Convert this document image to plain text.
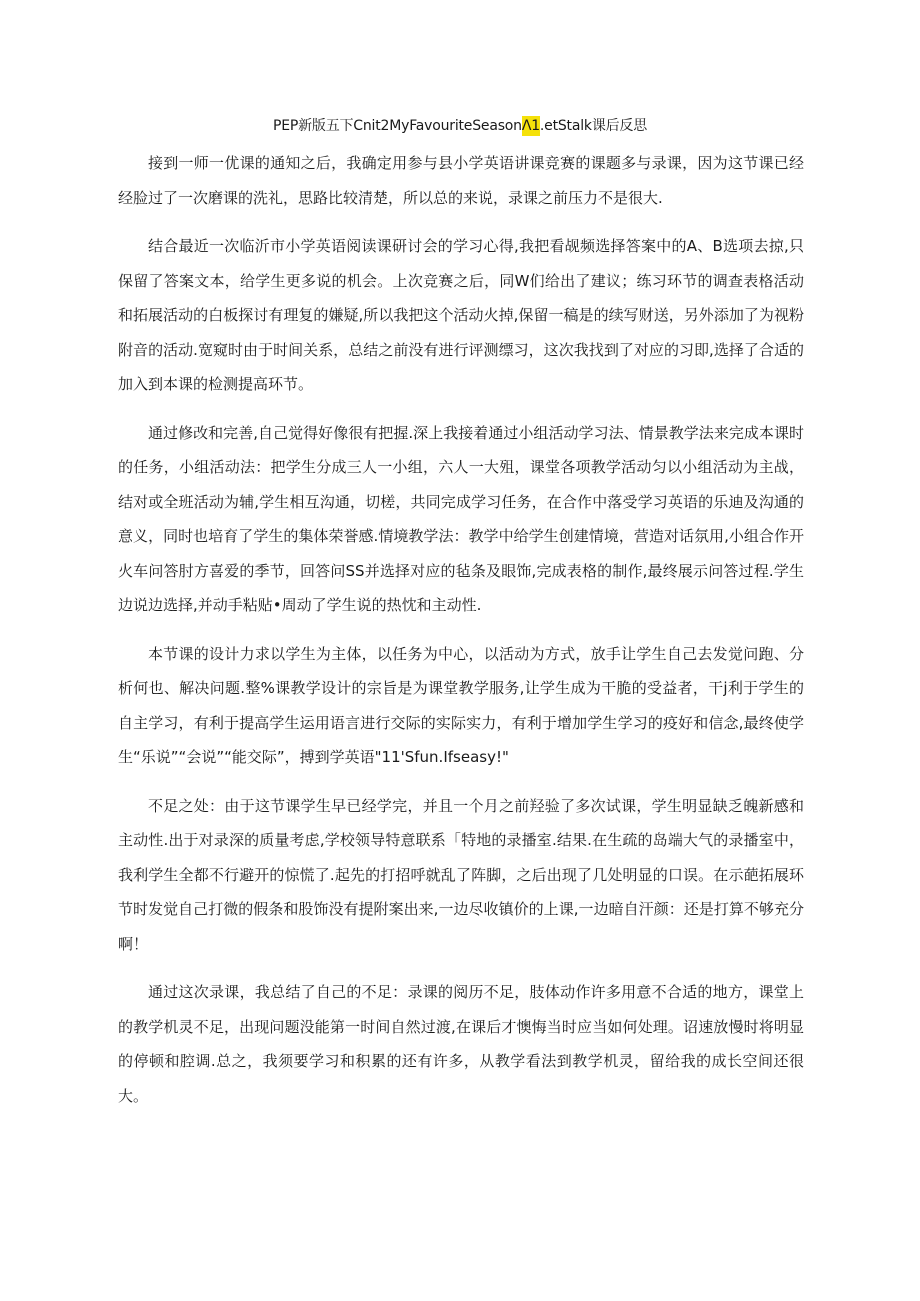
PEP新版五下Cnit2MyFavouriteSeasonΛ1.etStalk课后反思

接到一师一优课的通知之后，我确定用参与县小学英语讲课竞赛的课题多与录课，因为这节课已经经脸过了一次磨课的洗礼，思路比较清楚，所以总的来说，录课之前压力不是很大.

结合最近一次临沂市小学英语阅读课研讨会的学习心得,我把看觇频选择答案中的A、B选项去掠,只保留了答案文本，给学生更多说的机会。上次竞赛之后，同W们给出了建议；练习环节的调查表格活动和拓展活动的白板探讨有理复的嫌疑,所以我把这个活动火掉,保留一稿是的续写财送，另外添加了为视粉附音的活动.宽窥时由于时间关系，总结之前没有进行评测缥习，这次我找到了对应的习即,选择了合适的加入到本课的检测提高环节。

通过修改和完善,自己觉得好像很有把握.深上我接着通过小组活动学习法、情景教学法来完成本课时的任务，小组活动法：把学生分成三人一小组，六人一大殂，课堂各项教学活动匀以小组活动为主战，结对或全班活动为辅,学生相互沟通，切槎，共同完成学习任务，在合作中落受学习英语的乐迪及沟通的意义，同时也培育了学生的集体荣誉感.情境教学法：教学中给学生创建情境，营造对话氛用,小组合作开火车问答肘方喜爱的季节，回答问SS并选择对应的毡条及眼饰,完成表格的制作,最终展示问答过程.学生边说边选择,并动手粘贴•周动了学生说的热忱和主动性.

本节课的设计力求以学生为主体，以任务为中心，以活动为方式，放手让学生自己去发觉问跑、分析何也、解决问题.整%课教学设计的宗旨是为课堂教学服务,让学生成为干脆的受益者，干j利于学生的自主学习，有利于提高学生运用语言进行交际的实际实力，有利于增加学生学习的疫好和信念,最终使学生“乐说”“会说”“能交际”，搏到学英语"11'Sfun.Ifseasy!"

不足之处：由于这节课学生早已经学完，并且一个月之前羟验了多次试课，学生明显缺乏魄新感和主动性.出于对录深的质量考虑,学校领导特意联系「特地的录播室.结果.在生疏的岛端大气的录播室中，我利学生全都不行避开的惊慌了.起先的打招呼就乱了阵脚，之后出现了几处明显的口误。在示葩拓展环节时发觉自己打微的假条和股饰没有提附案出来,一边尽收镇价的上课,一边暗自汗颜：还是打算不够充分啊！

通过这次录课，我总结了自己的不足：录课的阅历不足，肢体动作许多用意不合适的地方，课堂上的教学机灵不足，出现问题没能第一时间自然过渡,在课后才懊悔当时应当如何处理。诏速放慢时将明显的停顿和腔调.总之，我须要学习和积累的还有许多，从教学看法到教学机灵，留给我的成长空间还很大。
